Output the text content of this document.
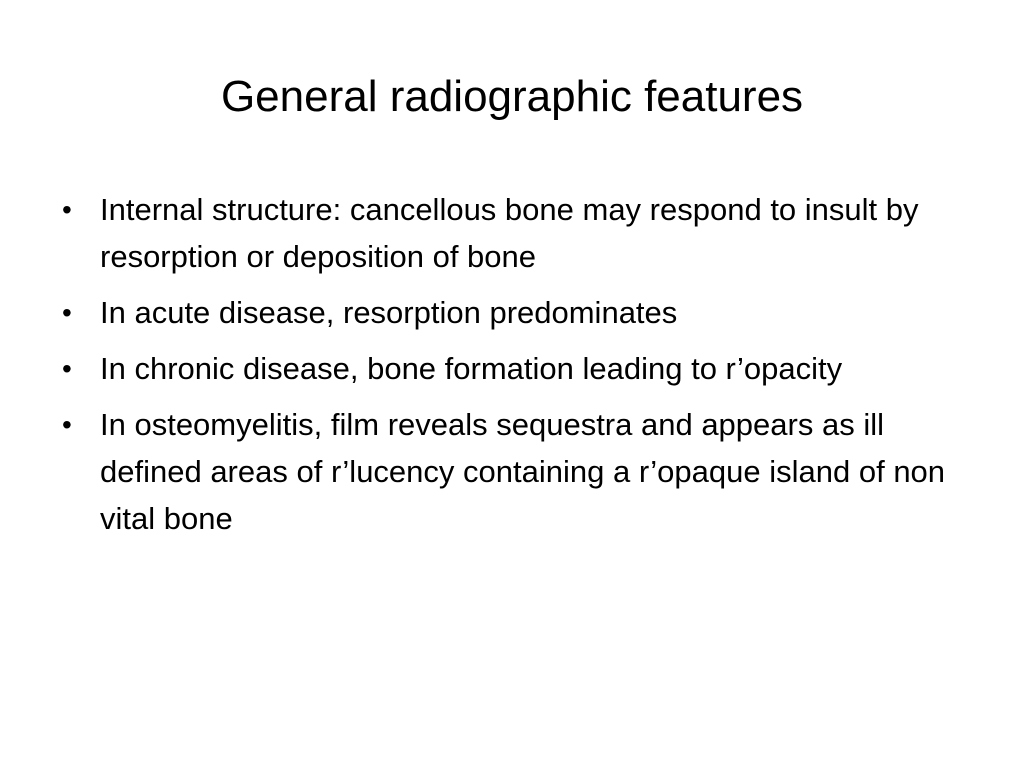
General radiographic features
• Internal structure: cancellous bone may respond to insult by resorption or deposition of bone
• In acute disease, resorption predominates
• In chronic disease, bone formation leading to r’opacity
• In osteomyelitis, film reveals sequestra and appears as ill defined areas of r’lucency containing a r’opaque island of non vital bone
